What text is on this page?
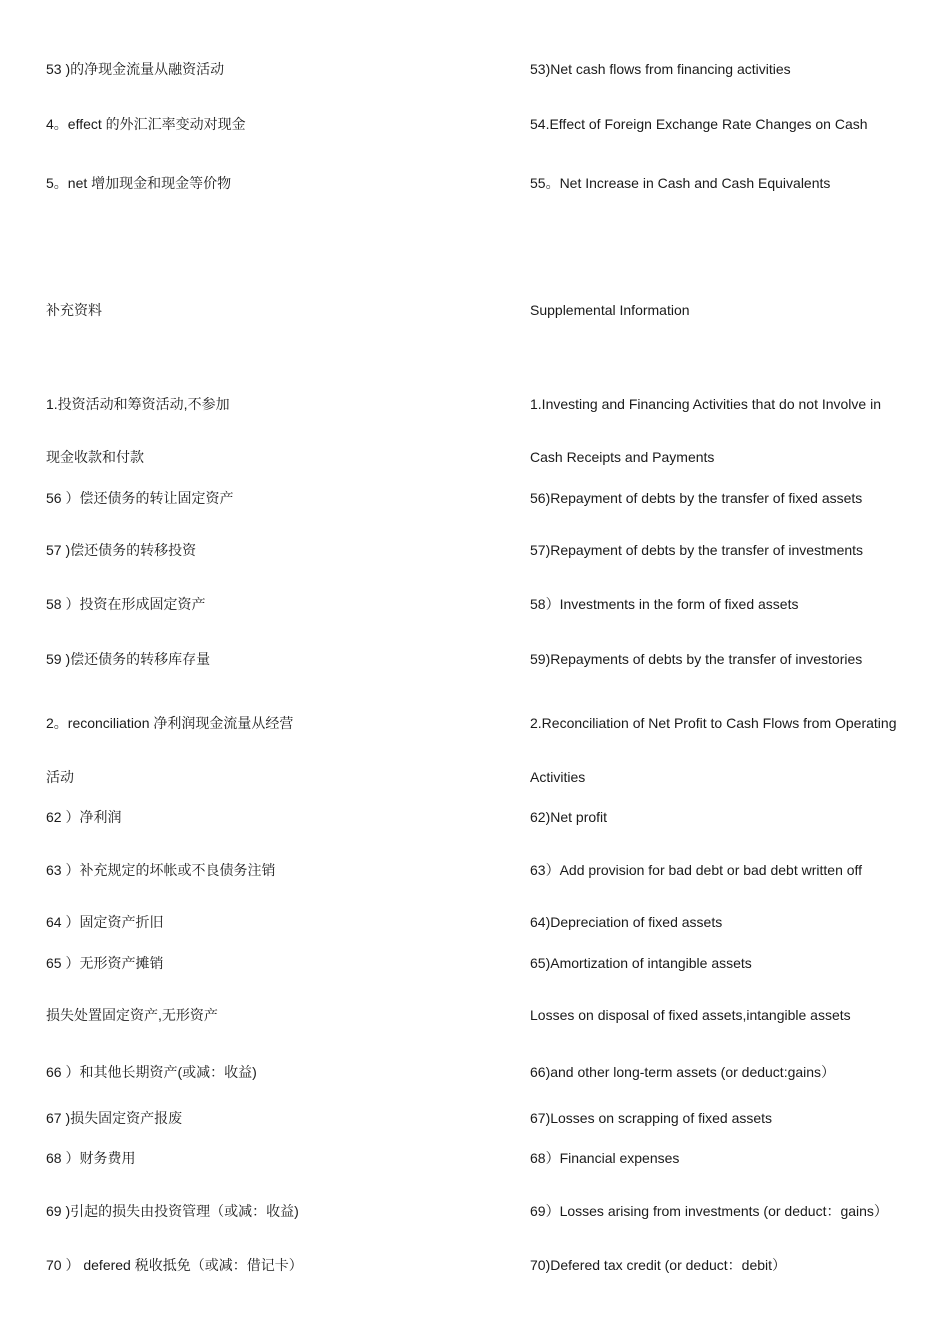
53 )的净现金流量从融资活动	53)Net cash flows from financing activities
4。effect 的外汇汇率变动对现金	54.Effect of Foreign Exchange Rate Changes on Cash
5。net 增加现金和现金等价物	55。Net Increase in Cash and Cash Equivalents
补充资料	Supplemental Information
1.投资活动和筹资活动,不参加	1.Investing and Financing Activities that do not Involve in
现金收款和付款	Cash Receipts and Payments
56 ）偿还债务的转让固定资产	56)Repayment of debts by the transfer of fixed assets
57 )偿还债务的转移投资	57)Repayment of debts by the transfer of investments
58 ）投资在形成固定资产	58）Investments in the form of fixed assets
59 )偿还债务的转移库存量	59)Repayments of debts by the transfer of investories
2。reconciliation 净利润现金流量从经营	2.Reconciliation of Net Profit to Cash Flows from Operating
活动	Activities
62 ）净利润	62)Net profit
63 ）补充规定的坏帐或不良债务注销	63）Add provision for bad debt or bad debt written off
64 ）固定资产折旧	64)Depreciation of fixed assets
65 ）无形资产摊销	65)Amortization of intangible assets
损失处置固定资产,无形资产	Losses on disposal of fixed assets,intangible assets
66 ）和其他长期资产(或减：收益)	66)and other long-term assets (or deduct:gains）
67 )损失固定资产报废	67)Losses on scrapping of fixed assets
68 ）财务费用	68）Financial expenses
69 )引起的损失由投资管理（或减：收益)	69）Losses arising from investments (or deduct：gains）
70 ） defered 税收抵免（或减：借记卡）	70)Defered tax credit (or deduct：debit）
